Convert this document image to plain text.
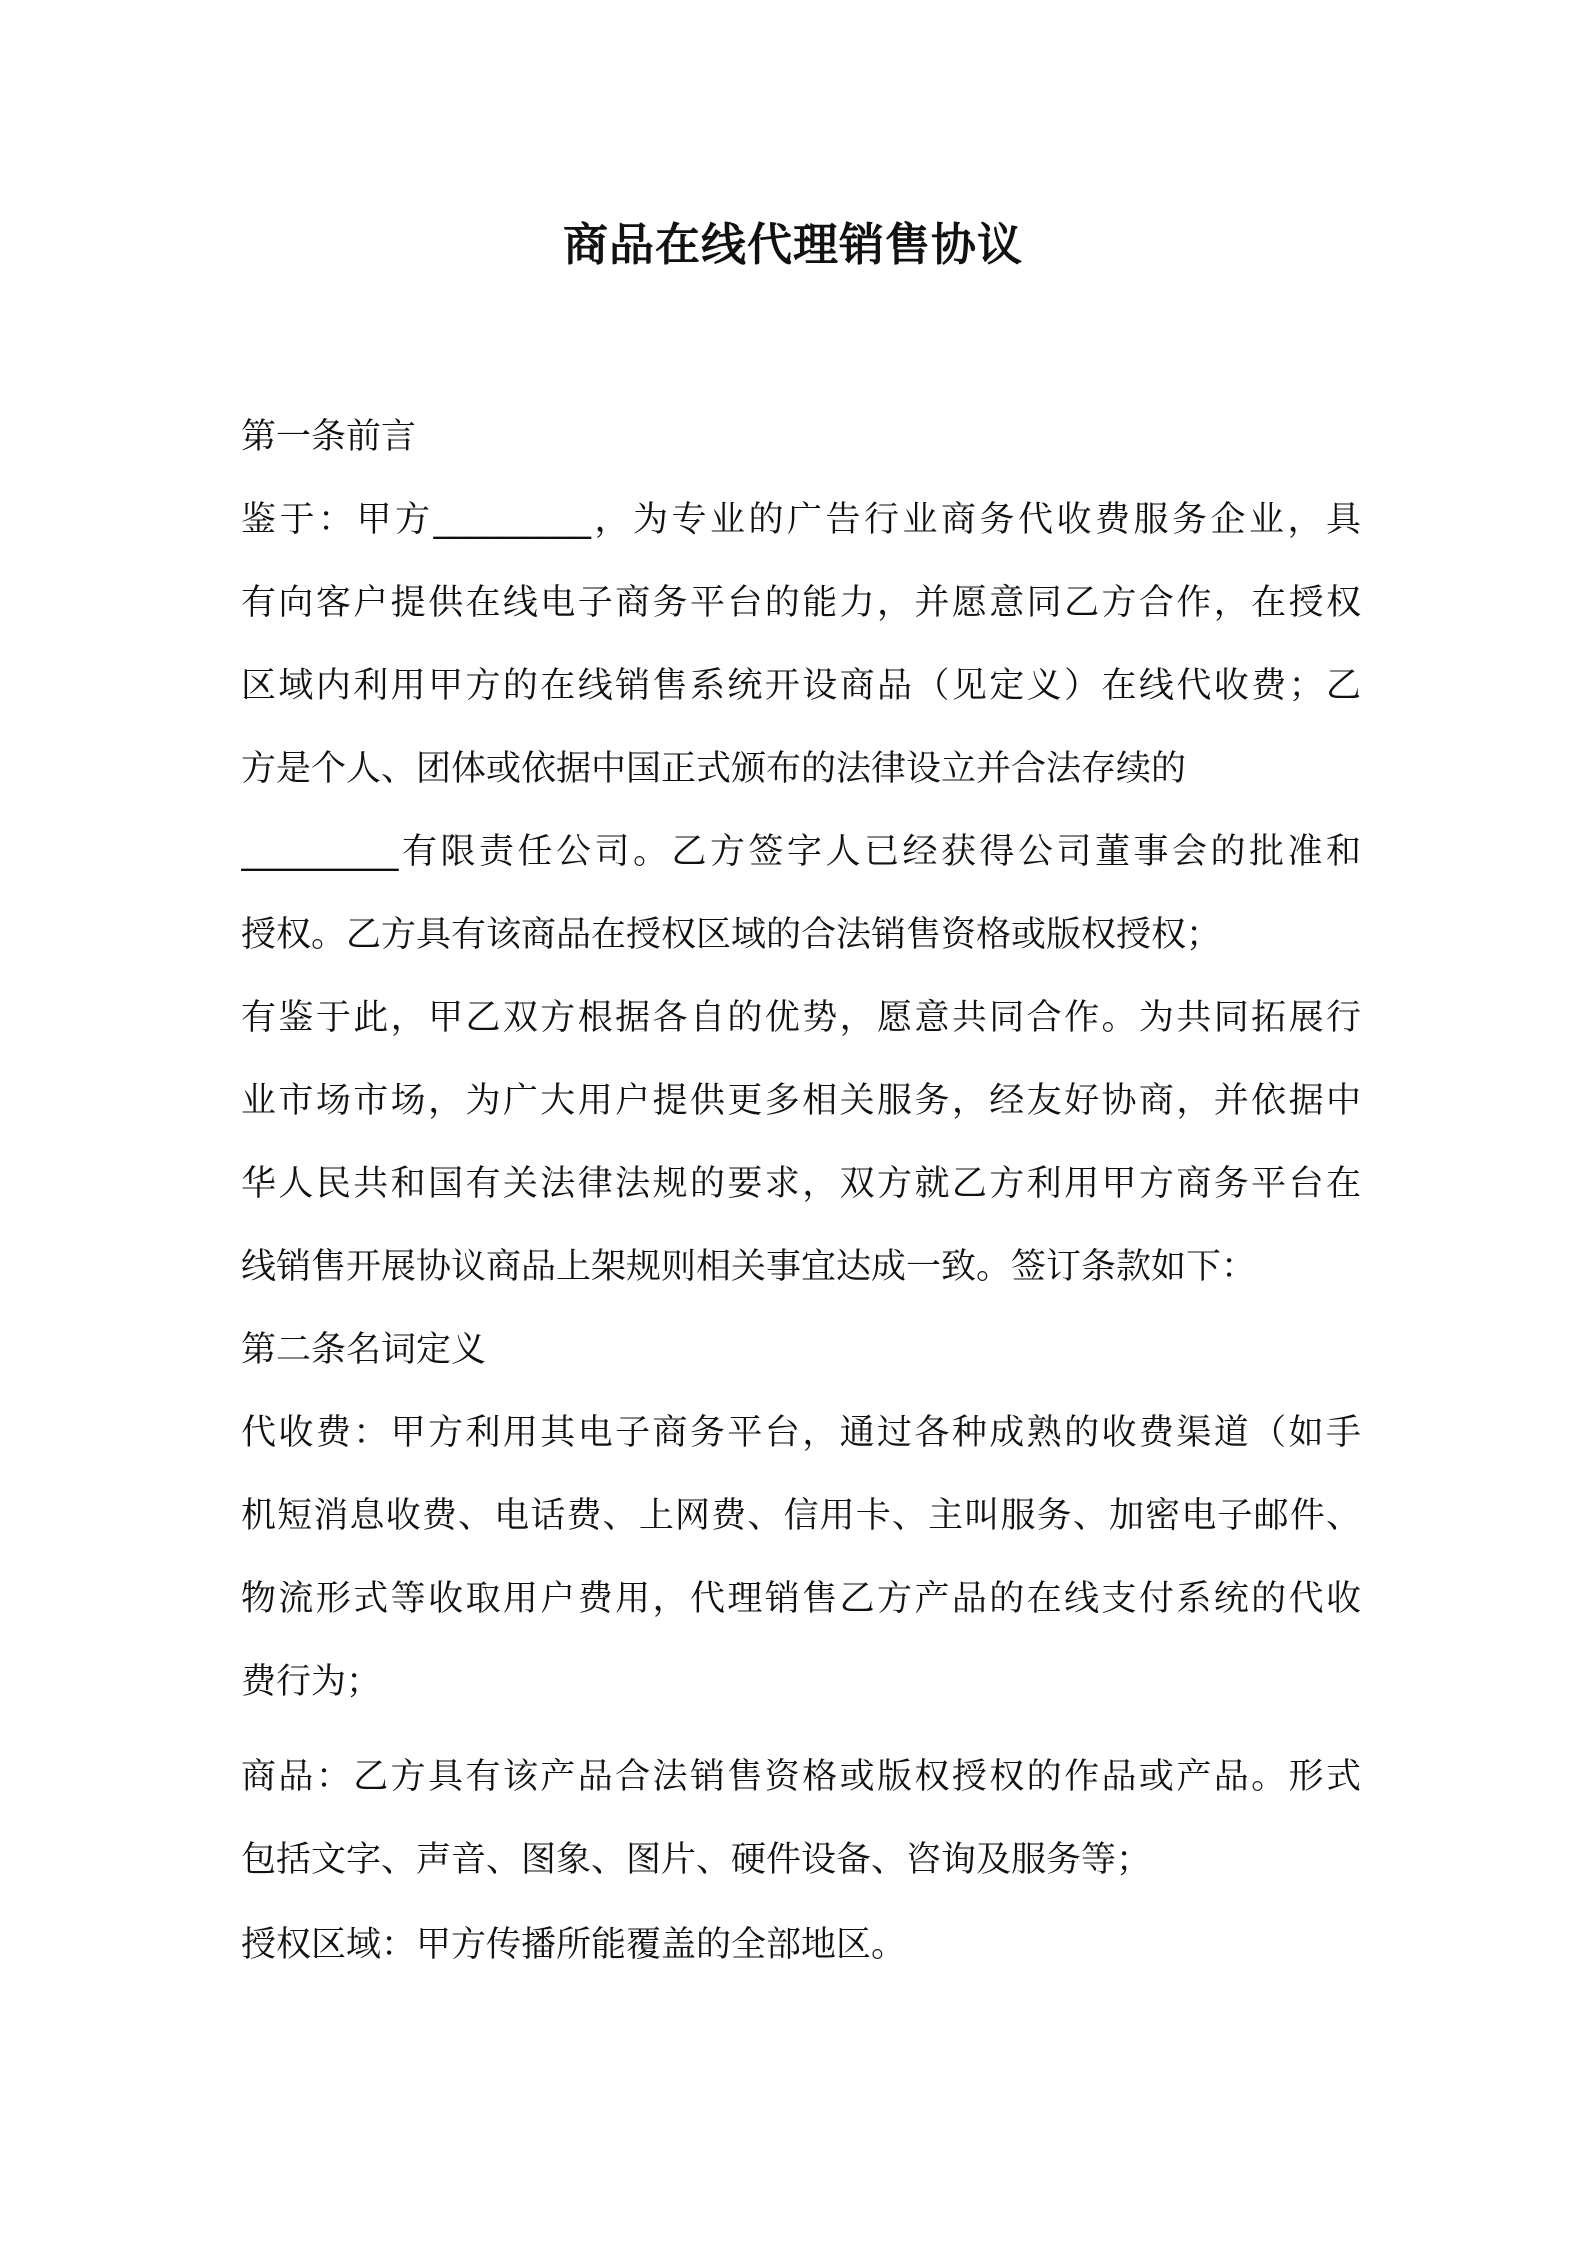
商品在线代理销售协议
第一条前言
鉴于：甲方_________，为专业的广告行业商务代收费服务企业，具
有向客户提供在线电子商务平台的能力，并愿意同乙方合作，在授权
区域内利用甲方的在线销售系统开设商品（见定义）在线代收费；乙
方是个人、团体或依据中国正式颁布的法律设立并合法存续的
_________有限责任公司。乙方签字人已经获得公司董事会的批准和
授权。乙方具有该商品在授权区域的合法销售资格或版权授权；
有鉴于此，甲乙双方根据各自的优势，愿意共同合作。为共同拓展行
业市场市场，为广大用户提供更多相关服务，经友好协商，并依据中
华人民共和国有关法律法规的要求，双方就乙方利用甲方商务平台在
线销售开展协议商品上架规则相关事宜达成一致。签订条款如下：
第二条名词定义
代收费：甲方利用其电子商务平台，通过各种成熟的收费渠道（如手
机短消息收费、电话费、上网费、信用卡、主叫服务、加密电子邮件、
物流形式等收取用户费用，代理销售乙方产品的在线支付系统的代收
费行为；
商品：乙方具有该产品合法销售资格或版权授权的作品或产品。形式
包括文字、声音、图象、图片、硬件设备、咨询及服务等；
授权区域：甲方传播所能覆盖的全部地区。
